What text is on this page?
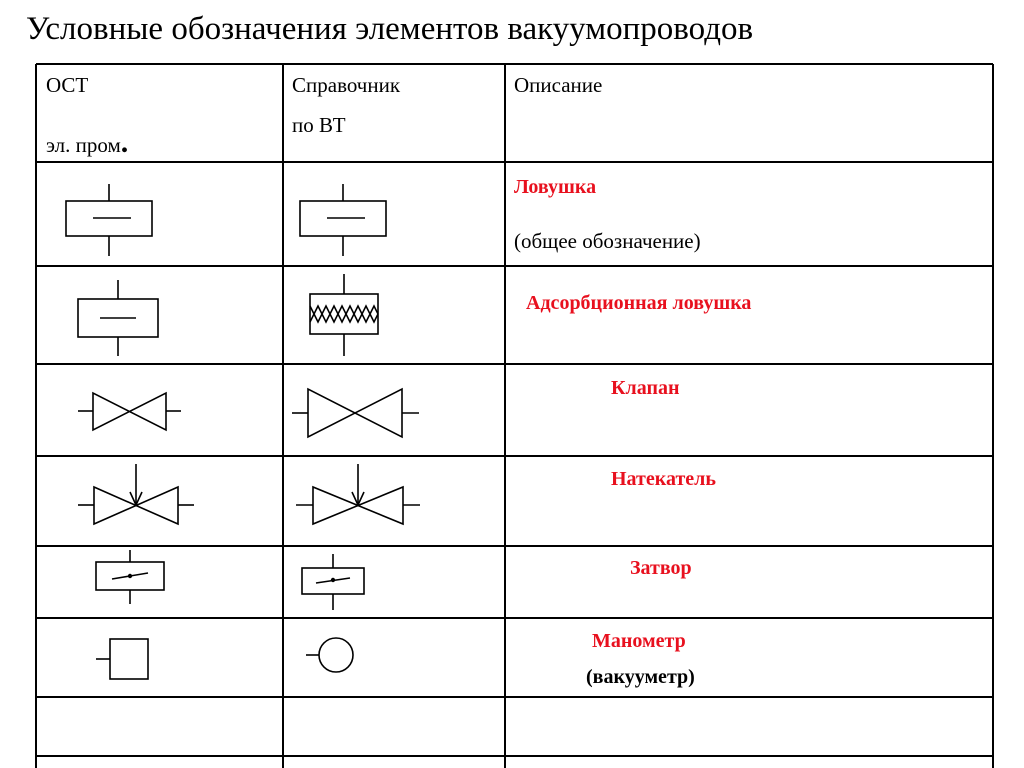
Условные обозначения элементов вакуумопроводов
ОСТ
эл. пром.
Справочник
по ВТ
Описание
Ловушка
(общее обозначение)
Адсорбционная ловушка
Клапан
Натекатель
Затвор
Манометр
(вакууметр)
